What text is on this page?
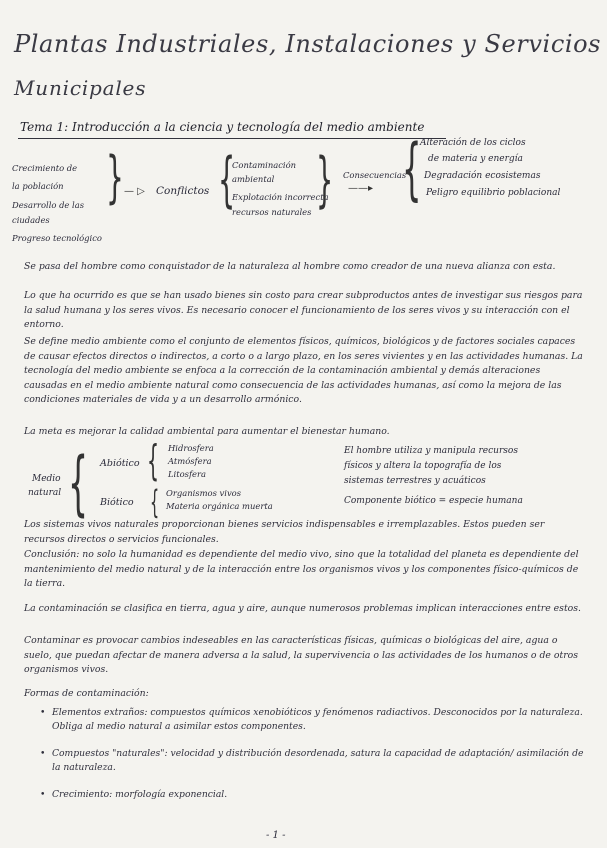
Plantas Industriales, Instalaciones y Servicios
Municipales
Tema 1: Introducción a la ciencia y tecnología del medio ambiente
Crecimiento de
la población
Desarrollo de las
ciudades
Progreso tecnológico
} — ▷ Conflictos {
Contaminación
ambiental
Explotación incorrecta
recursos naturales } Consecuencias
——▸ {
Alteración de los ciclos
de materia y energía
Degradación ecosistemas
Peligro equilibrio poblacional
Se pasa del hombre como conquistador de la naturaleza al hombre como creador de una nueva alianza con esta.
Lo que ha ocurrido es que se han usado bienes sin costo para crear subproductos antes de investigar sus riesgos para la salud humana y los seres vivos. Es necesario conocer el funcionamiento de los seres vivos y su interacción con el entorno.
Se define medio ambiente como el conjunto de elementos físicos, químicos, biológicos y de factores sociales capaces de causar efectos directos o indirectos, a corto o a largo plazo, en los seres vivientes y en las actividades humanas. La tecnología del medio ambiente se enfoca a la corrección de la contaminación ambiental y demás alteraciones causadas en el medio ambiente natural como consecuencia de las actividades humanas, así como la mejora de las condiciones materiales de vida y a un desarrollo armónico.
La meta es mejorar la calidad ambiental para aumentar el bienestar humano.
Medio
natural { Abiótico { Hidrosfera
Atmósfera
Litosfera
Biótico { Organismos vivos
Materia orgánica muerta
El hombre utiliza y manipula recursos
físicos y altera la topografía de los
sistemas terrestres y acuáticos
Componente biótico = especie humana
Los sistemas vivos naturales proporcionan bienes servicios indispensables e irremplazables. Estos pueden ser recursos directos o servicios funcionales.
Conclusión: no solo la humanidad es dependiente del medio vivo, sino que la totalidad del planeta es dependiente del mantenimiento del medio natural y de la interacción entre los organismos vivos y los componentes físico-químicos de la tierra.
La contaminación se clasifica en tierra, agua y aire, aunque numerosos problemas implican interacciones entre estos.
Contaminar es provocar cambios indeseables en las características físicas, químicas o biológicas del aire, agua o suelo, que puedan afectar de manera adversa a la salud, la supervivencia o las actividades de los humanos o de otros organismos vivos.
Formas de contaminación:
• Elementos extraños: compuestos químicos xenobióticos y fenómenos radiactivos. Desconocidos por la naturaleza. Obliga al medio natural a asimilar estos componentes.
• Compuestos "naturales": velocidad y distribución desordenada, satura la capacidad de adaptación/ asimilación de la naturaleza.
• Crecimiento: morfología exponencial.
- 1 -
